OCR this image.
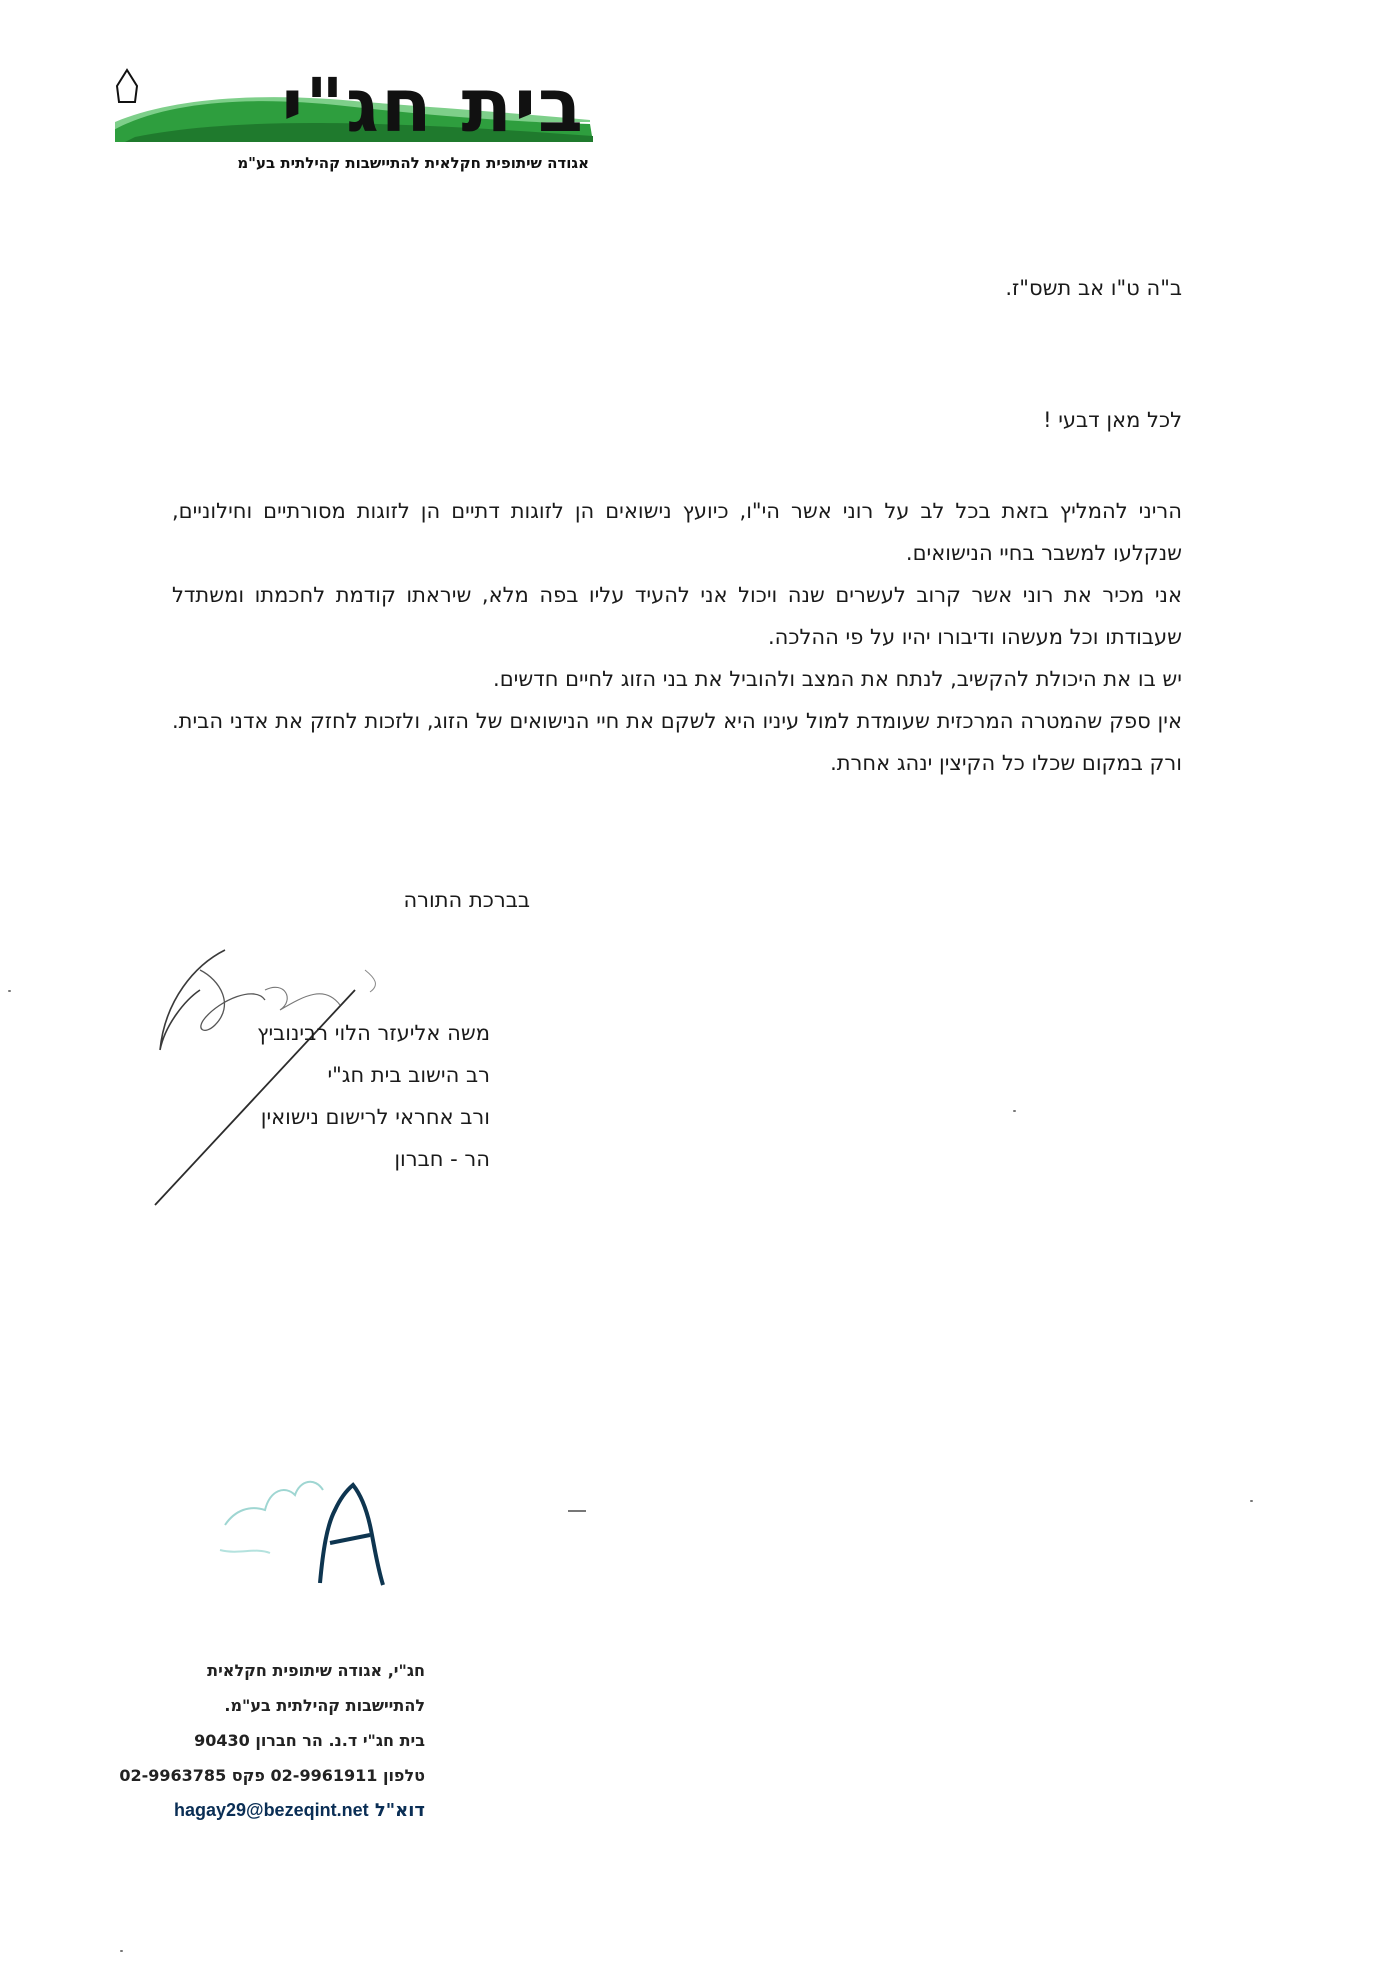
בית חג"י
אגודה שיתופית חקלאית להתיישבות קהילתית בע"מ
ב"ה ט"ו אב תשס"ז.
לכל מאן דבעי !

הריני להמליץ בזאת בכל לב על רוני אשר הי"ו, כיועץ נישואים הן לזוגות דתיים הן לזוגות מסורתיים וחילוניים, שנקלעו למשבר בחיי הנישואים.

אני מכיר את רוני אשר קרוב לעשרים שנה ויכול אני להעיד עליו בפה מלא, שיראתו קודמת לחכמתו ומשתדל שעבודתו וכל מעשהו ודיבורו יהיו על פי ההלכה.

יש בו את היכולת להקשיב, לנתח את המצב ולהוביל את בני הזוג לחיים חדשים.

אין ספק שהמטרה המרכזית שעומדת למול עיניו היא לשקם את חיי הנישואים של הזוג, ולזכות לחזק את אדני הבית. ורק במקום שכלו כל הקיצין ינהג אחרת.

בברכת התורה
משה אליעזר הלוי רבינוביץ
רב הישוב בית חג"י
ורב אחראי לרישום נישואין
הר - חברון
חג"י, אגודה שיתופית חקלאית
להתיישבות קהילתית בע"מ.
בית חג"י ד.נ. הר חברון 90430
טלפון 02-9961911 פקס 02-9963785
דוא"ל hagay29@bezeqint.net
